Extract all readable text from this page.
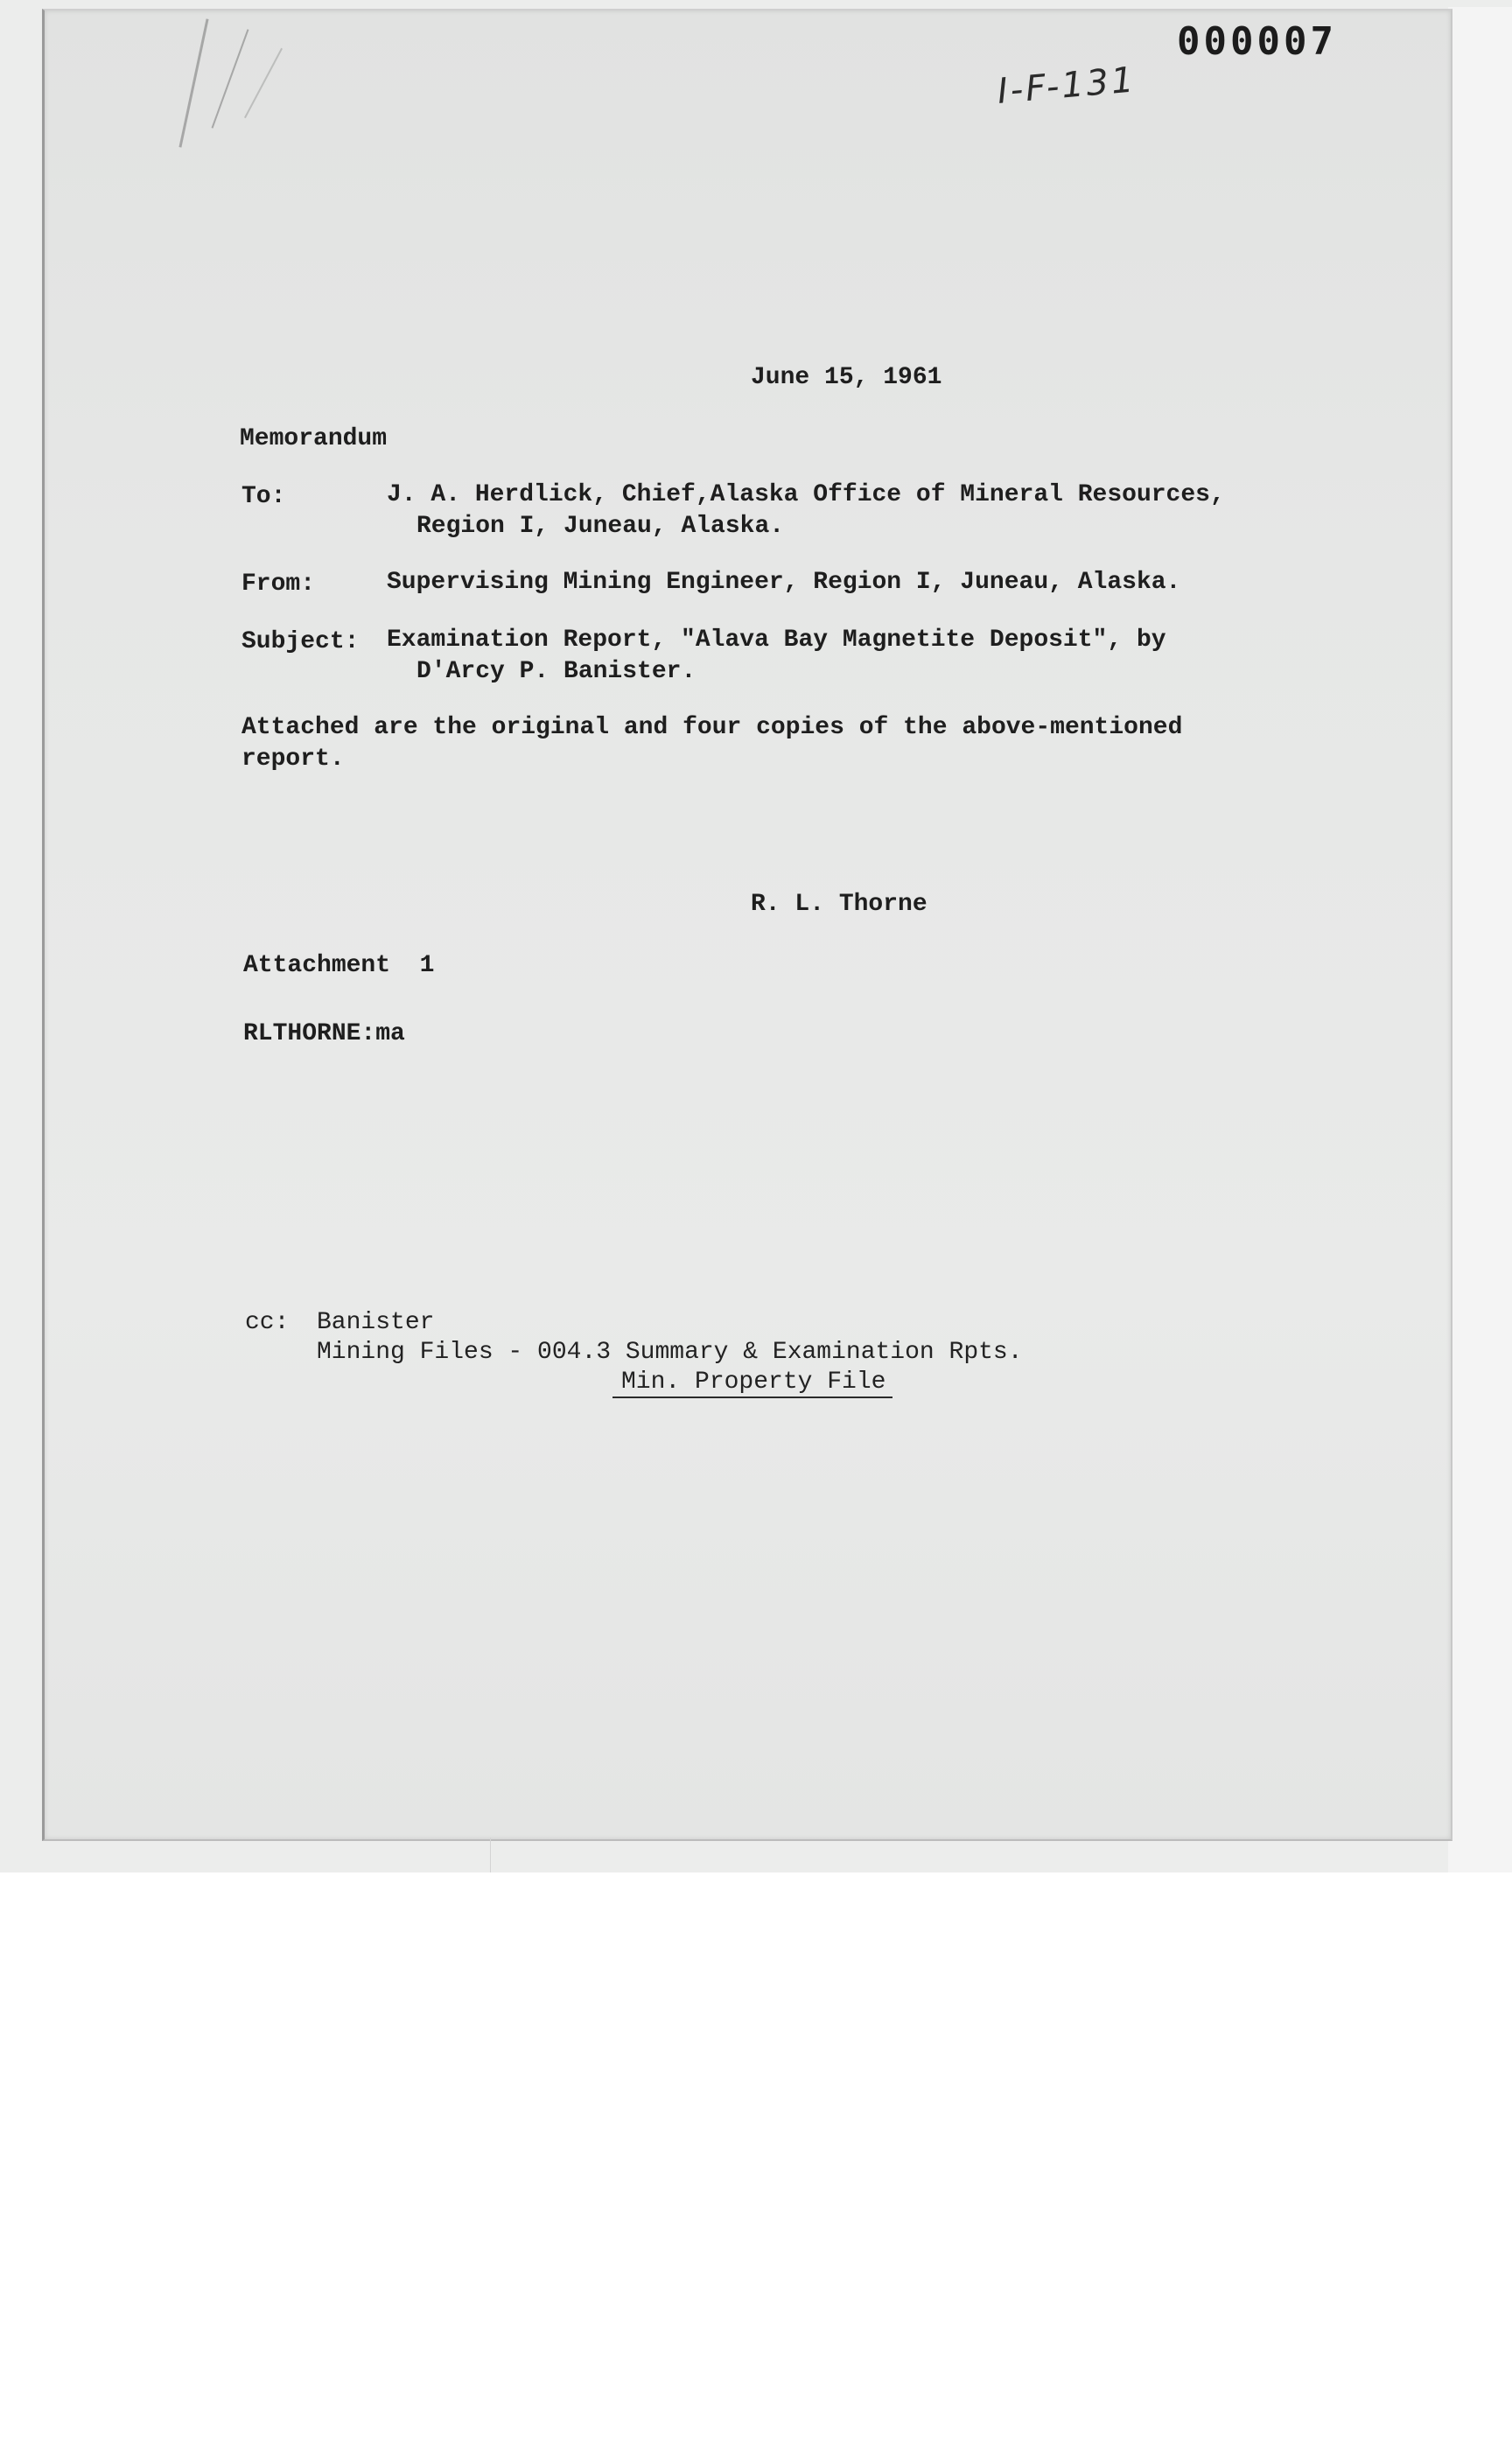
000007
I-F-131
June 15, 1961
Memorandum
To:	J. A. Herdlick, Chief,Alaska Office of Mineral Resources,
Region I, Juneau, Alaska.
From:	Supervising Mining Engineer, Region I, Juneau, Alaska.
Subject: Examination Report, "Alava Bay Magnetite Deposit", by
D'Arcy P. Banister.
Attached are the original and four copies of the above-mentioned
report.
R. L. Thorne
Attachment  1
RLTHORNE:ma
cc: Banister
Mining Files - 004.3 Summary & Examination Rpts.
Min. Property File
